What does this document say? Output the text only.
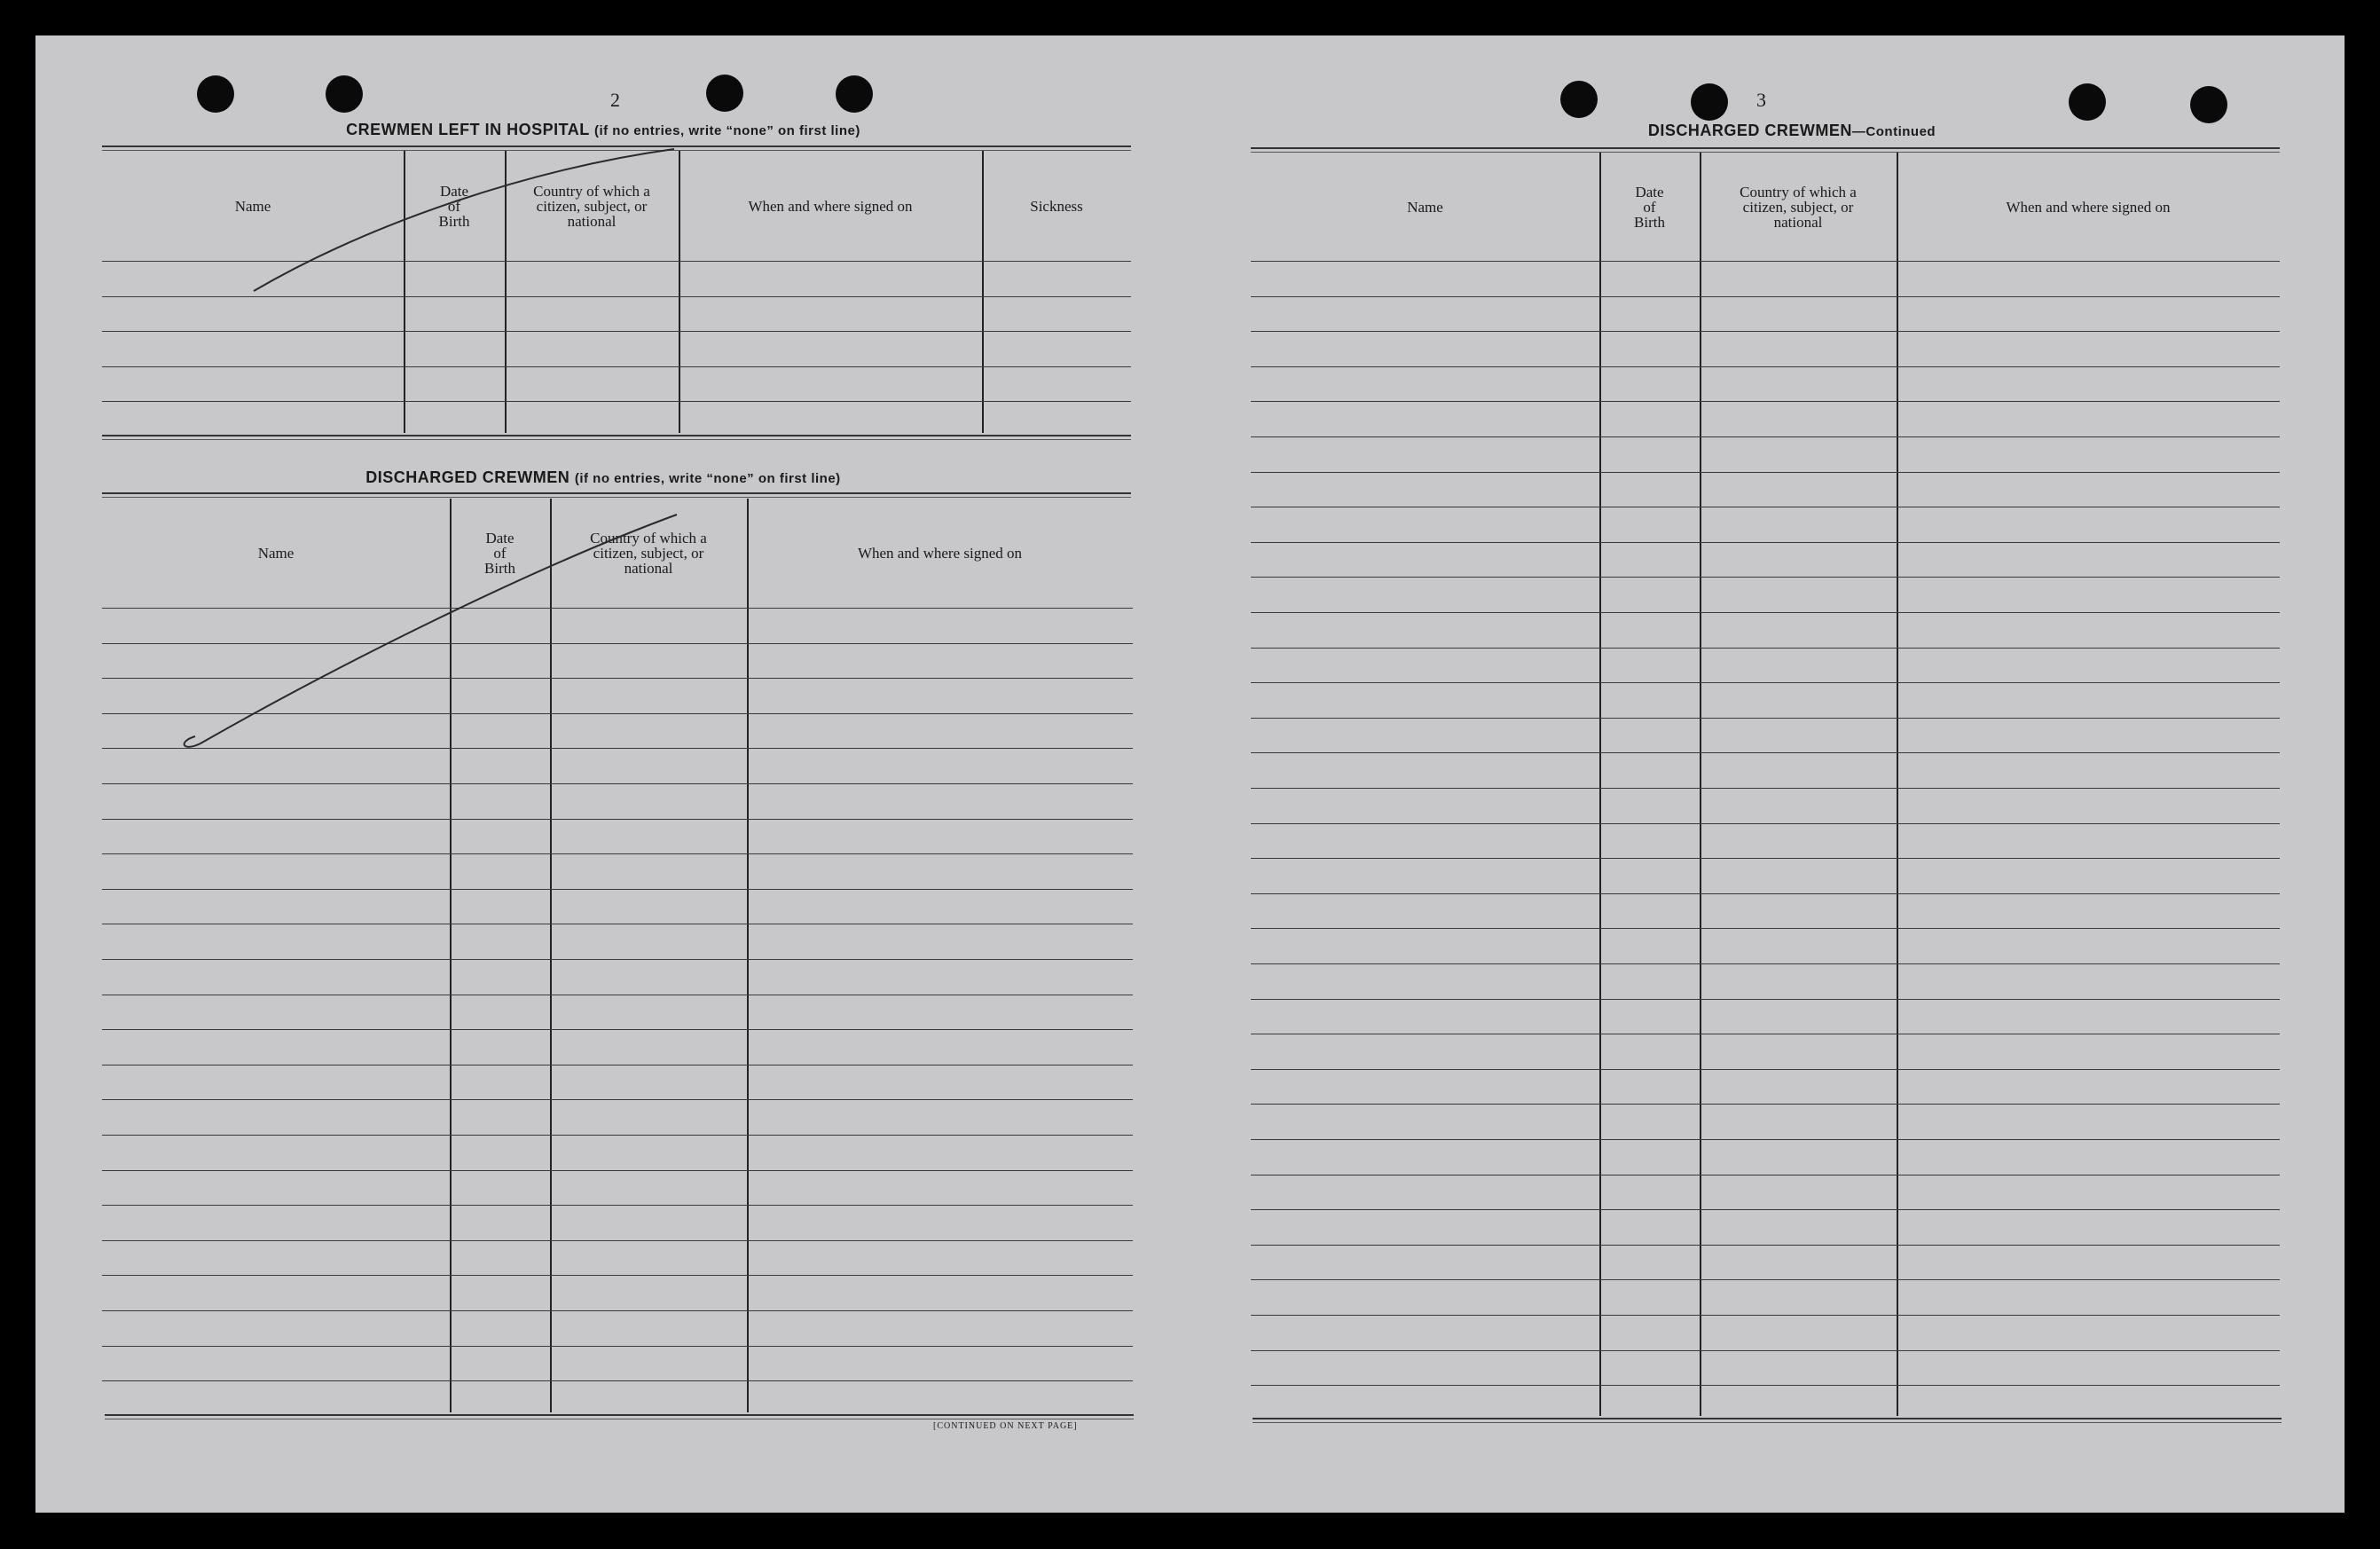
2
CREWMEN LEFT IN HOSPITAL (if no entries, write “none” on first line)
Name
Date
of
Birth
Country of which a
citizen, subject, or
national
When and where signed on	Sickness
DISCHARGED CREWMEN (if no entries, write “none” on first line)
Name
Date
of
Birth
Country of which a
citizen, subject, or
national
When and where signed on
[CONTINUED ON NEXT PAGE]
3
DISCHARGED CREWMEN—Continued
Name
Date
of
Birth
Country of which a
citizen, subject, or
national
When and where signed on
